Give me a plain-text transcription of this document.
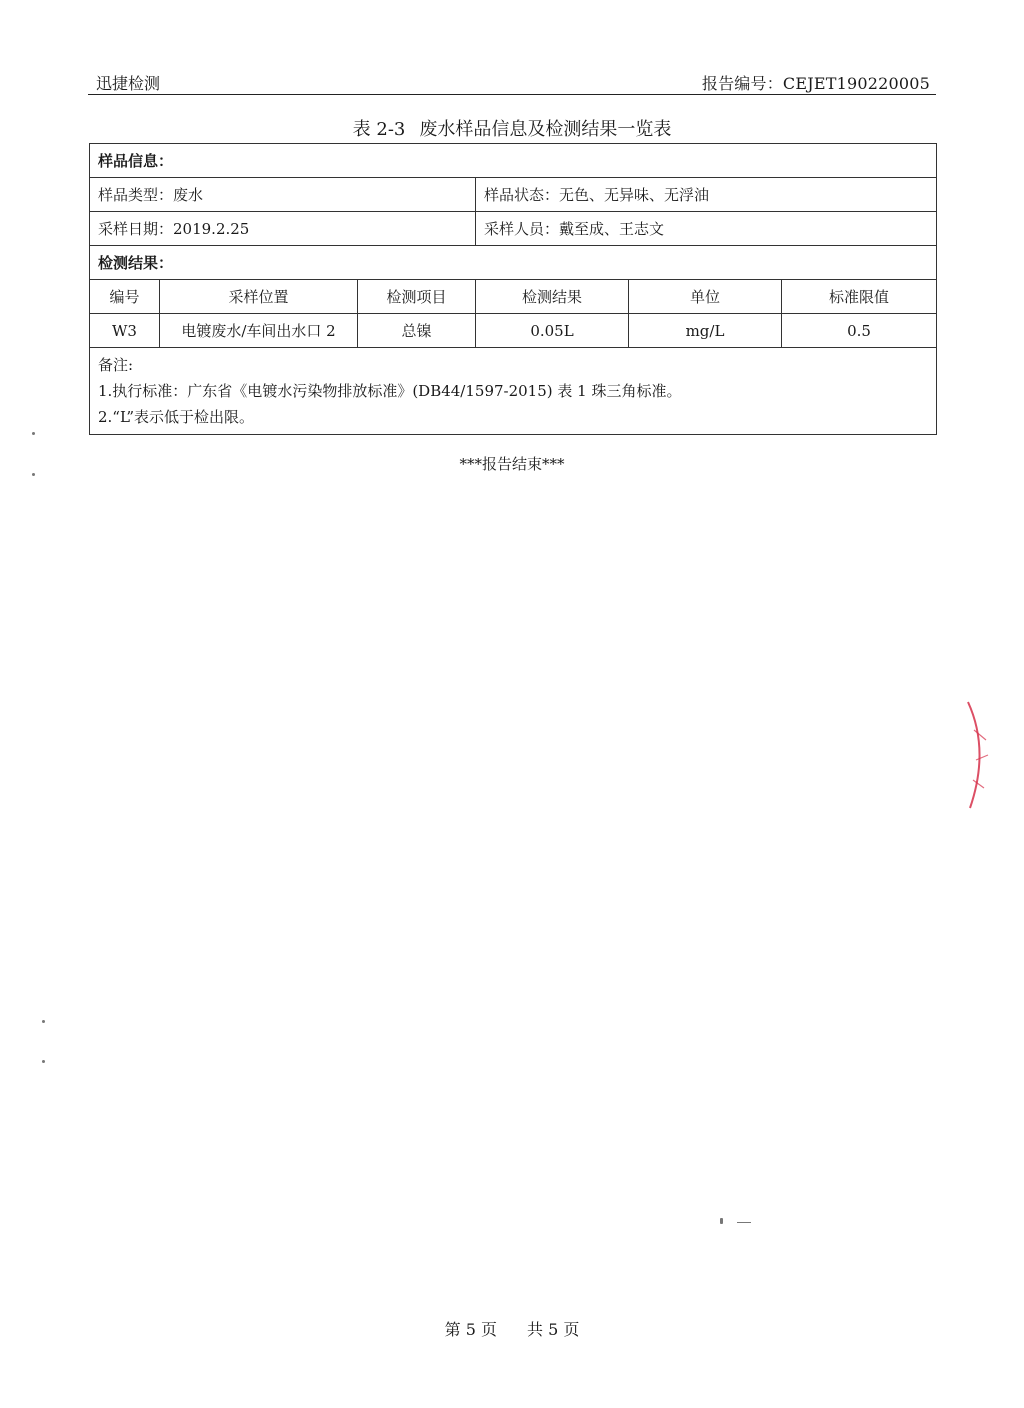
迅捷检测	报告编号：CEJET190220005
表 2-3 废水样品信息及检测结果一览表
样品信息：					
样品类型：废水			样品状态：无色、无异味、无浮油		
采样日期：2019.2.25			采样人员：戴至成、王志文		
检测结果：					
编号	采样位置	检测项目	检测结果	单位	标准限值
W3	电镀废水/车间出水口 2	总镍	0.05L	mg/L	0.5

备注:
1.执行标准：广东省《电镀水污染物排放标准》(DB44/1597-2015) 表 1 珠三角标准。
2.“L”表示低于检出限。					
***报告结束***
第 5 页 共 5 页
